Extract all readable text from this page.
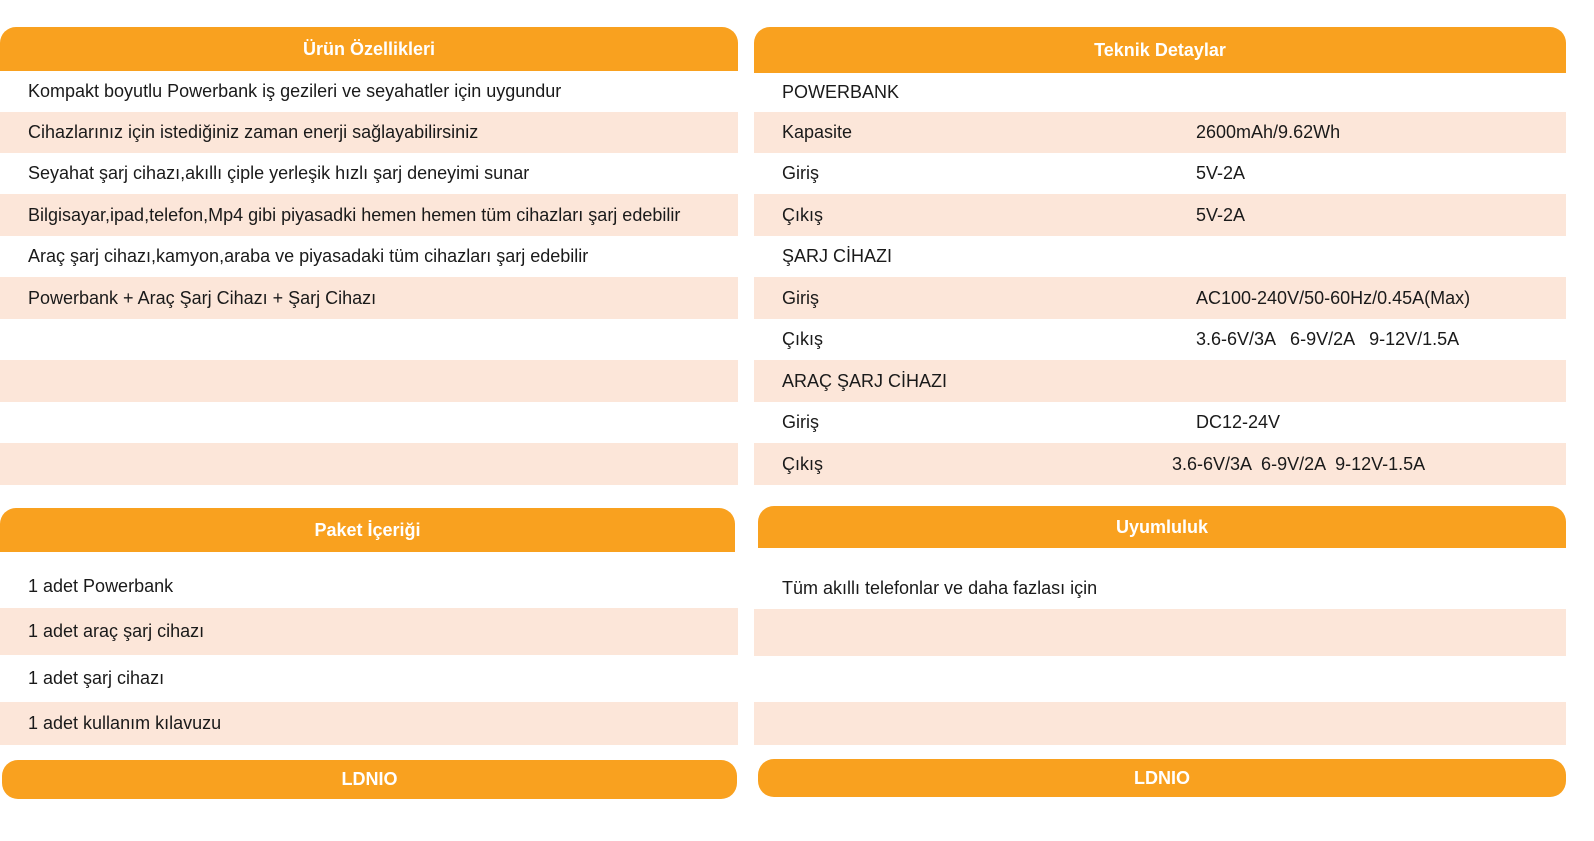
Ürün Özellikleri
Kompakt boyutlu Powerbank iş gezileri ve seyahatler için uygundur
Cihazlarınız için istediğiniz zaman enerji sağlayabilirsiniz
Seyahat şarj cihazı,akıllı çiple yerleşik hızlı şarj deneyimi sunar
Bilgisayar,ipad,telefon,Mp4 gibi piyasadki hemen hemen tüm cihazları şarj edebilir
Araç şarj cihazı,kamyon,araba ve piyasadaki tüm cihazları şarj edebilir
Powerbank + Araç Şarj Cihazı + Şarj Cihazı
Teknik Detaylar
POWERBANK
Kapasite	2600mAh/9.62Wh
Giriş	5V-2A
Çıkış	5V-2A
ŞARJ CİHAZI
Giriş	AC100-240V/50-60Hz/0.45A(Max)
Çıkış	3.6-6V/3A   6-9V/2A   9-12V/1.5A
ARAÇ ŞARJ CİHAZI
Giriş	DC12-24V
Çıkış	3.6-6V/3A  6-9V/2A  9-12V-1.5A
Paket İçeriği
1 adet Powerbank
1 adet araç şarj cihazı
1 adet şarj cihazı
1 adet kullanım kılavuzu
LDNIO
Uyumluluk
Tüm akıllı telefonlar ve daha fazlası için
LDNIO
